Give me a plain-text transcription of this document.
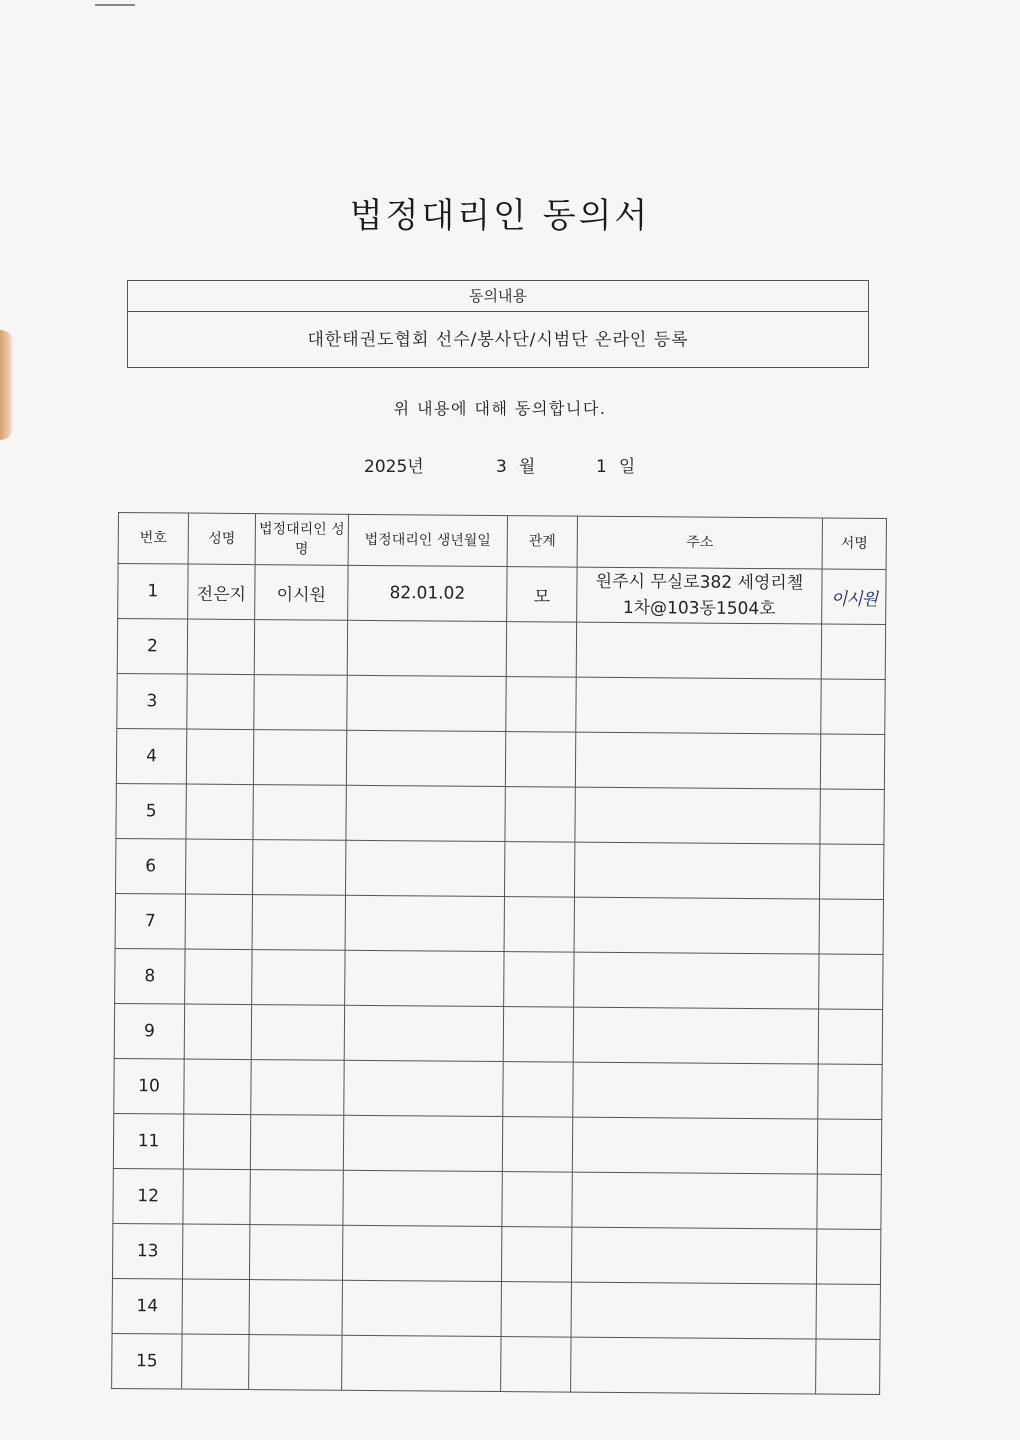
법정대리인 동의서
동의내용
대한태권도협회 선수/봉사단/시범단 온라인 등록
위 내용에 대해 동의합니다.
2025년	3 월	1 일
번호	성명	법정대리인 성명	법정대리인 생년월일	관계	주소	서명
1	전은지	이시원	82.01.02	모	원주시 무실로382 세영리첼
1차@103동1504호	이시원
2						
3						
4						
5						
6						
7						
8						
9						
10						
11						
12						
13						
14						
15						
